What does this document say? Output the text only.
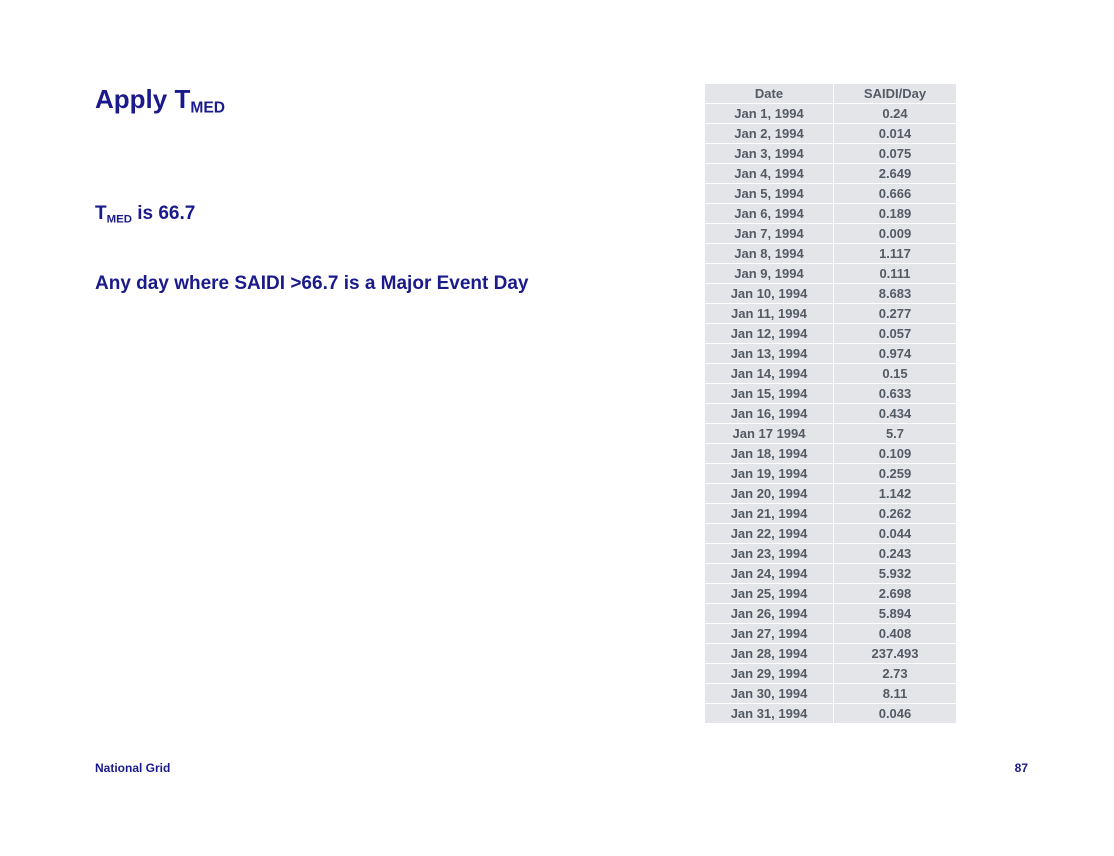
Apply $T_{MED}$
$T_{MED}$ is 66.7
Any day where SAIDI >66.7 is a Major Event Day
Date	SAIDI/Day
Jan 1, 1994	0.24
Jan 2, 1994	0.014
Jan 3, 1994	0.075
Jan 4, 1994	2.649
Jan 5, 1994	0.666
Jan 6, 1994	0.189
Jan 7, 1994	0.009
Jan 8, 1994	1.117
Jan 9, 1994	0.111
Jan 10, 1994	8.683
Jan 11, 1994	0.277
Jan 12, 1994	0.057
Jan 13, 1994	0.974
Jan 14, 1994	0.15
Jan 15, 1994	0.633
Jan 16, 1994	0.434
Jan 17 1994	5.7
Jan 18, 1994	0.109
Jan 19, 1994	0.259
Jan 20, 1994	1.142
Jan 21, 1994	0.262
Jan 22, 1994	0.044
Jan 23, 1994	0.243
Jan 24, 1994	5.932
Jan 25, 1994	2.698
Jan 26, 1994	5.894
Jan 27, 1994	0.408
Jan 28, 1994	237.493
Jan 29, 1994	2.73
Jan 30, 1994	8.11
Jan 31, 1994	0.046
National Grid	87
